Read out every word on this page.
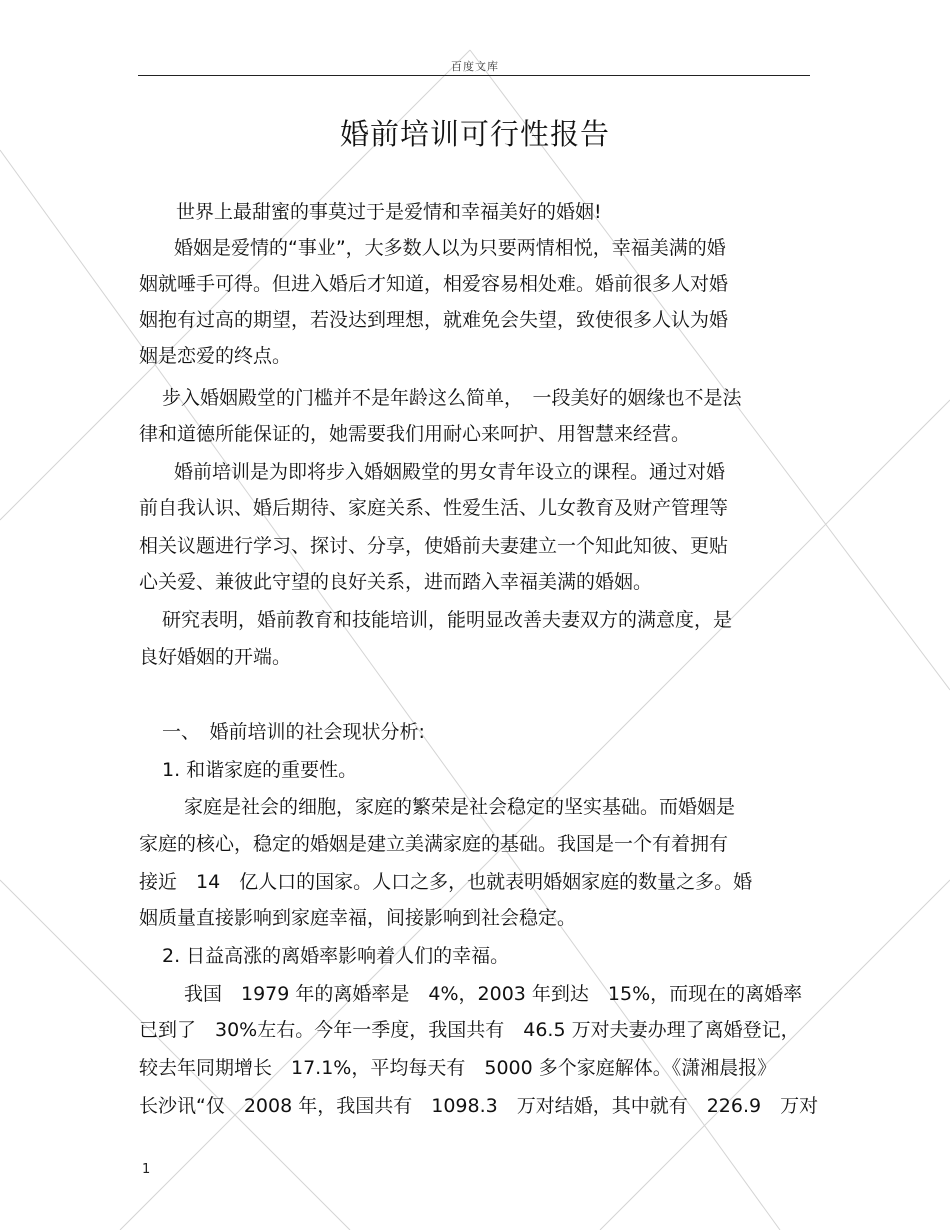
百度文库
婚前培训可行性报告
世界上最甜蜜的事莫过于是爱情和幸福美好的婚姻!
婚姻是爱情的“事业”，大多数人以为只要两情相悦，幸福美满的婚
姻就唾手可得。但进入婚后才知道，相爱容易相处难。婚前很多人对婚
姻抱有过高的期望，若没达到理想，就难免会失望，致使很多人认为婚
姻是恋爱的终点。
步入婚姻殿堂的门槛并不是年龄这么简单，　一段美好的姻缘也不是法
律和道德所能保证的，她需要我们用耐心来呵护、用智慧来经营。
婚前培训是为即将步入婚姻殿堂的男女青年设立的课程。通过对婚
前自我认识、婚后期待、家庭关系、性爱生活、儿女教育及财产管理等
相关议题进行学习、探讨、分享，使婚前夫妻建立一个知此知彼、更贴
心关爱、兼彼此守望的良好关系，进而踏入幸福美满的婚姻。
研究表明，婚前教育和技能培训，能明显改善夫妻双方的满意度，是
良好婚姻的开端。
一、　婚前培训的社会现状分析:
1. 和谐家庭的重要性。
家庭是社会的细胞，家庭的繁荣是社会稳定的坚实基础。而婚姻是
家庭的核心，稳定的婚姻是建立美满家庭的基础。我国是一个有着拥有
接近　14　亿人口的国家。人口之多，也就表明婚姻家庭的数量之多。婚
姻质量直接影响到家庭幸福，间接影响到社会稳定。
2. 日益高涨的离婚率影响着人们的幸福。
我国　1979 年的离婚率是　4%，2003 年到达　15%，而现在的离婚率
已到了　30%左右。今年一季度，我国共有　46.5 万对夫妻办理了离婚登记，
较去年同期增长　17.1%，平均每天有　5000 多个家庭解体。《潇湘晨报》
长沙讯“仅　2008 年，我国共有　1098.3　万对结婚，其中就有　226.9　万对
1
